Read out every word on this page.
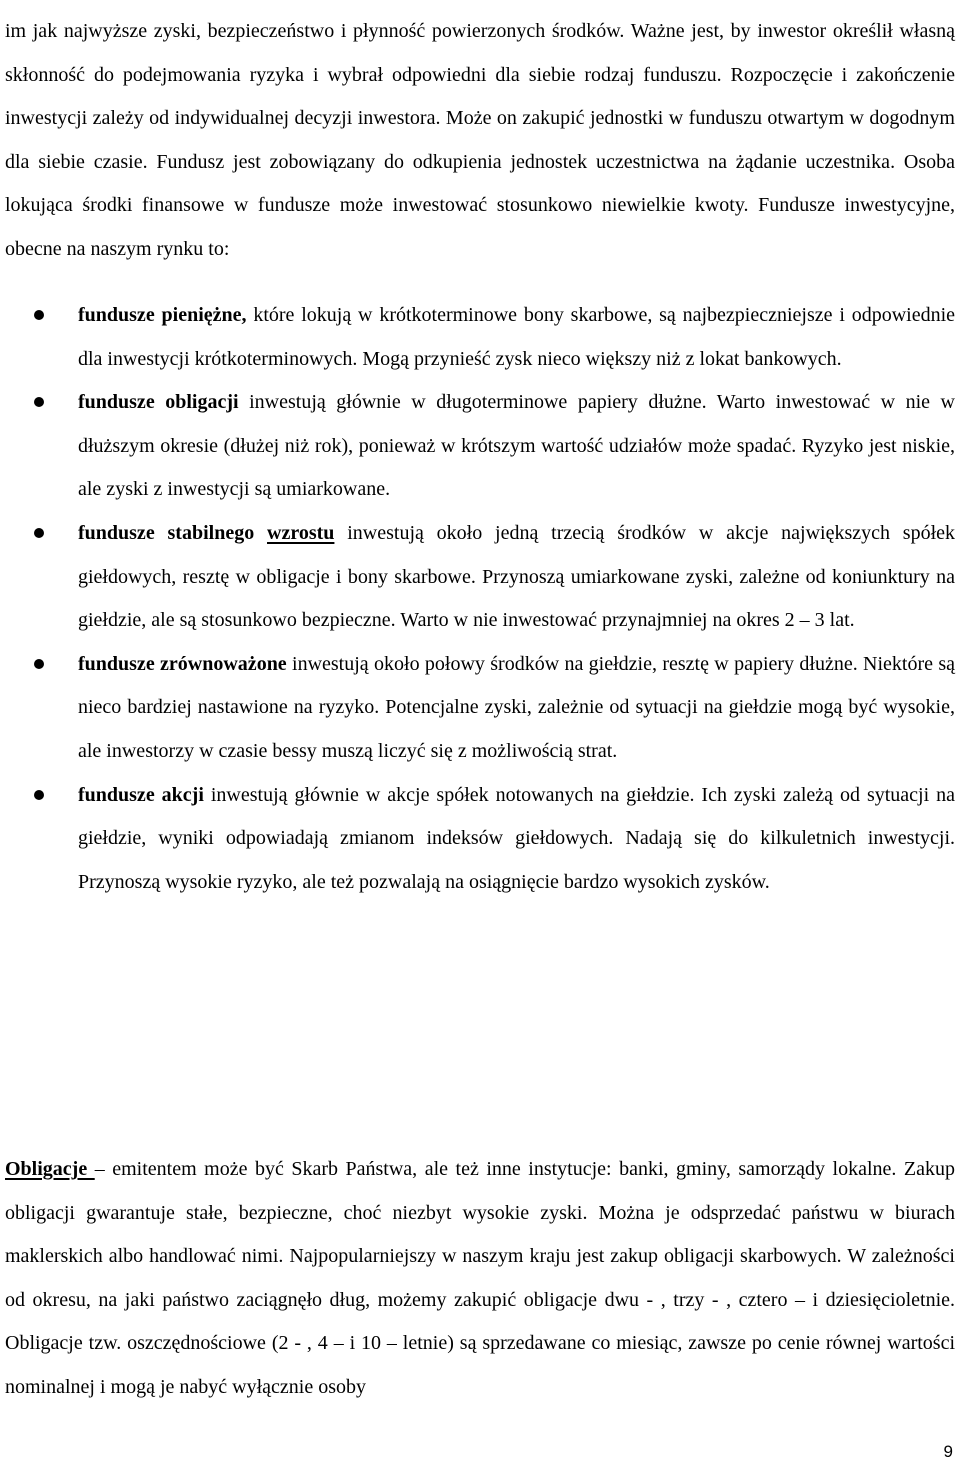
im jak najwyższe zyski, bezpieczeństwo i płynność powierzonych środków. Ważne jest, by inwestor określił własną skłonność do podejmowania ryzyka i wybrał odpowiedni dla siebie rodzaj funduszu. Rozpoczęcie i zakończenie inwestycji zależy od indywidualnej decyzji inwestora. Może on zakupić jednostki w funduszu otwartym w dogodnym dla siebie czasie. Fundusz jest zobowiązany do odkupienia jednostek uczestnictwa na żądanie uczestnika. Osoba lokująca środki finansowe w fundusze może inwestować stosunkowo niewielkie kwoty. Fundusze inwestycyjne, obecne na naszym rynku to:

fundusze pieniężne, które lokują w krótkoterminowe bony skarbowe, są najbezpieczniejsze i odpowiednie dla inwestycji krótkoterminowych. Mogą przynieść zysk nieco większy niż z lokat bankowych.
fundusze obligacji inwestują głównie w długoterminowe papiery dłużne. Warto inwestować w nie w dłuższym okresie (dłużej niż rok), ponieważ w krótszym wartość udziałów może spadać. Ryzyko jest niskie, ale zyski z inwestycji są umiarkowane.
fundusze stabilnego wzrostu inwestują około jedną trzecią środków w akcje największych spółek giełdowych, resztę w obligacje i bony skarbowe. Przynoszą umiarkowane zyski, zależne od koniunktury na giełdzie, ale są stosunkowo bezpieczne. Warto w nie inwestować przynajmniej na okres 2 – 3 lat.
fundusze zrównoważone inwestują około połowy środków na giełdzie, resztę w papiery dłużne. Niektóre są nieco bardziej nastawione na ryzyko. Potencjalne zyski, zależnie od sytuacji na giełdzie mogą być wysokie, ale inwestorzy w czasie bessy muszą liczyć się z możliwością strat.
fundusze akcji inwestują głównie w akcje spółek notowanych na giełdzie. Ich zyski zależą od sytuacji na giełdzie, wyniki odpowiadają zmianom indeksów giełdowych. Nadają się do kilkuletnich inwestycji. Przynoszą wysokie ryzyko, ale też pozwalają na osiągnięcie bardzo wysokich zysków.

Obligacje – emitentem może być Skarb Państwa, ale też inne instytucje: banki, gminy, samorządy lokalne. Zakup obligacji gwarantuje stałe, bezpieczne, choć niezbyt wysokie zyski. Można je odsprzedać państwu w biurach maklerskich albo handlować nimi. Najpopularniejszy w naszym kraju jest zakup obligacji skarbowych. W zależności od okresu, na jaki państwo zaciągnęło dług, możemy zakupić obligacje dwu - , trzy - , cztero – i dziesięcioletnie. Obligacje tzw. oszczędnościowe (2 - , 4 – i 10 – letnie) są sprzedawane co miesiąc, zawsze po cenie równej wartości nominalnej i mogą je nabyć wyłącznie osoby

9
